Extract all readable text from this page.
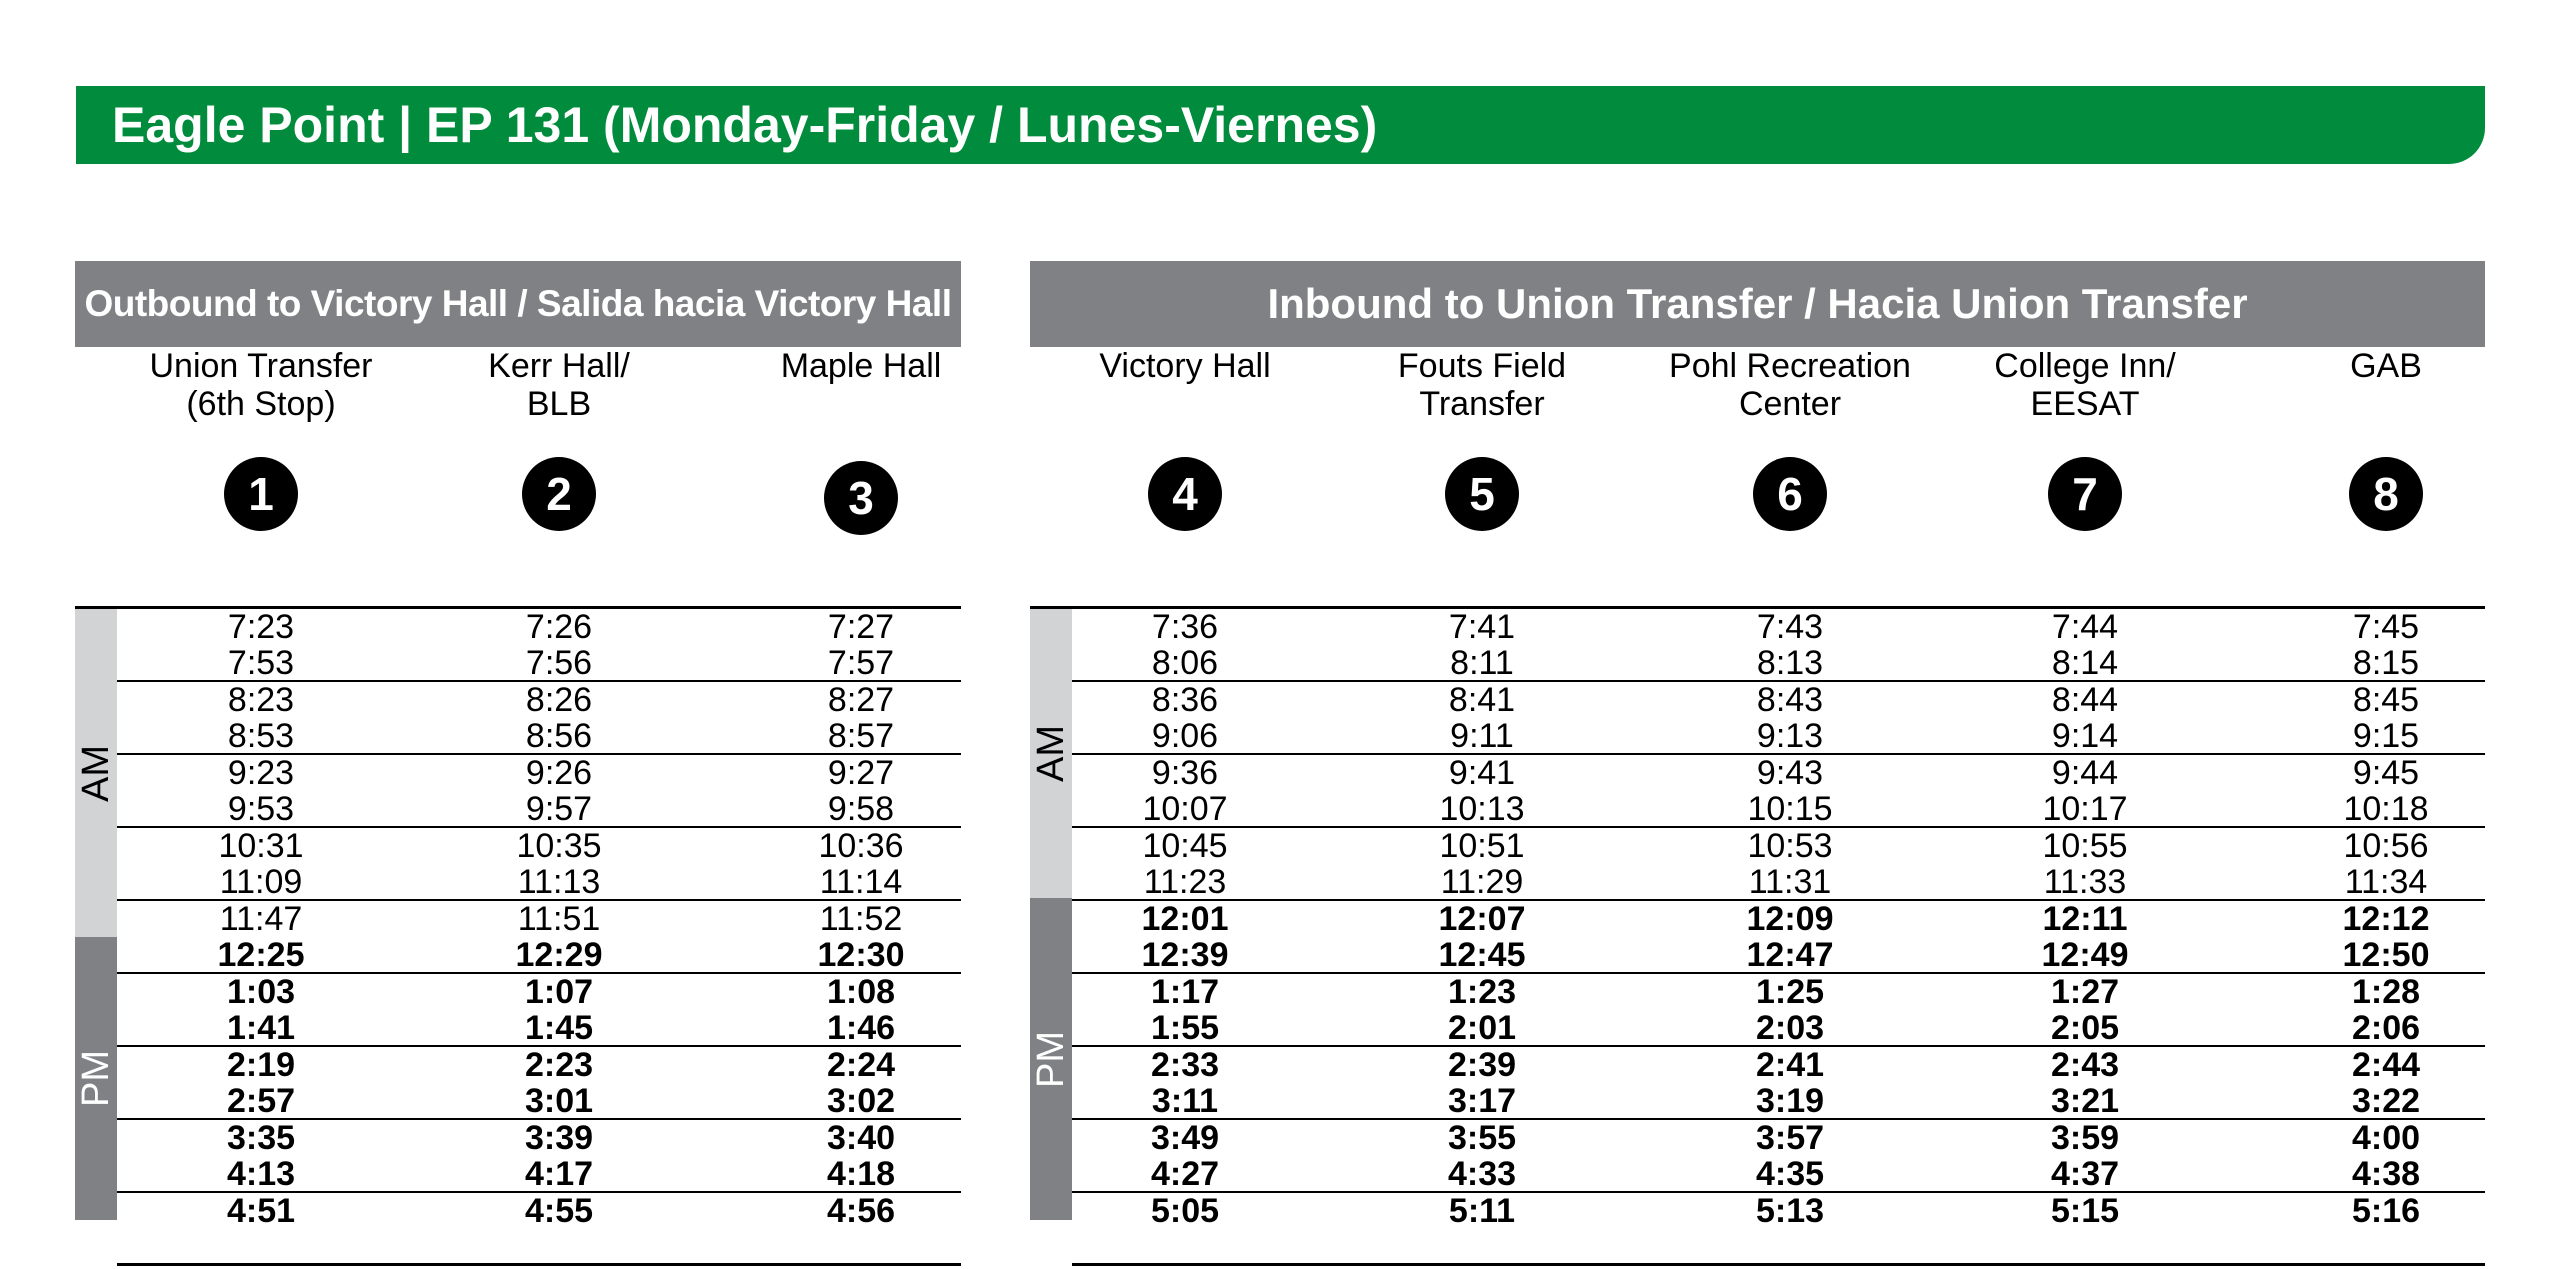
Eagle Point | EP 131 (Monday-Friday / Lunes-Viernes)
Outbound to Victory Hall / Salida hacia Victory Hall
Union Transfer
(6th Stop)
1
Kerr Hall/
BLB
2
Maple Hall
3
AM
PM
7:23	7:26	7:27
7:53	7:56	7:57
8:23	8:26	8:27
8:53	8:56	8:57
9:23	9:26	9:27
9:53	9:57	9:58
10:31	10:35	10:36
11:09	11:13	11:14
11:47	11:51	11:52
12:25	12:29	12:30
1:03	1:07	1:08
1:41	1:45	1:46
2:19	2:23	2:24
2:57	3:01	3:02
3:35	3:39	3:40
4:13	4:17	4:18
4:51	4:55	4:56
Inbound to Union Transfer / Hacia Union Transfer
Victory Hall
4
Fouts Field
Transfer
5
Pohl Recreation
Center
6
College Inn/
EESAT
7
GAB
8
AM
PM
7:36	7:41	7:43	7:44	7:45
8:06	8:11	8:13	8:14	8:15
8:36	8:41	8:43	8:44	8:45
9:06	9:11	9:13	9:14	9:15
9:36	9:41	9:43	9:44	9:45
10:07	10:13	10:15	10:17	10:18
10:45	10:51	10:53	10:55	10:56
11:23	11:29	11:31	11:33	11:34
12:01	12:07	12:09	12:11	12:12
12:39	12:45	12:47	12:49	12:50
1:17	1:23	1:25	1:27	1:28
1:55	2:01	2:03	2:05	2:06
2:33	2:39	2:41	2:43	2:44
3:11	3:17	3:19	3:21	3:22
3:49	3:55	3:57	3:59	4:00
4:27	4:33	4:35	4:37	4:38
5:05	5:11	5:13	5:15	5:16
